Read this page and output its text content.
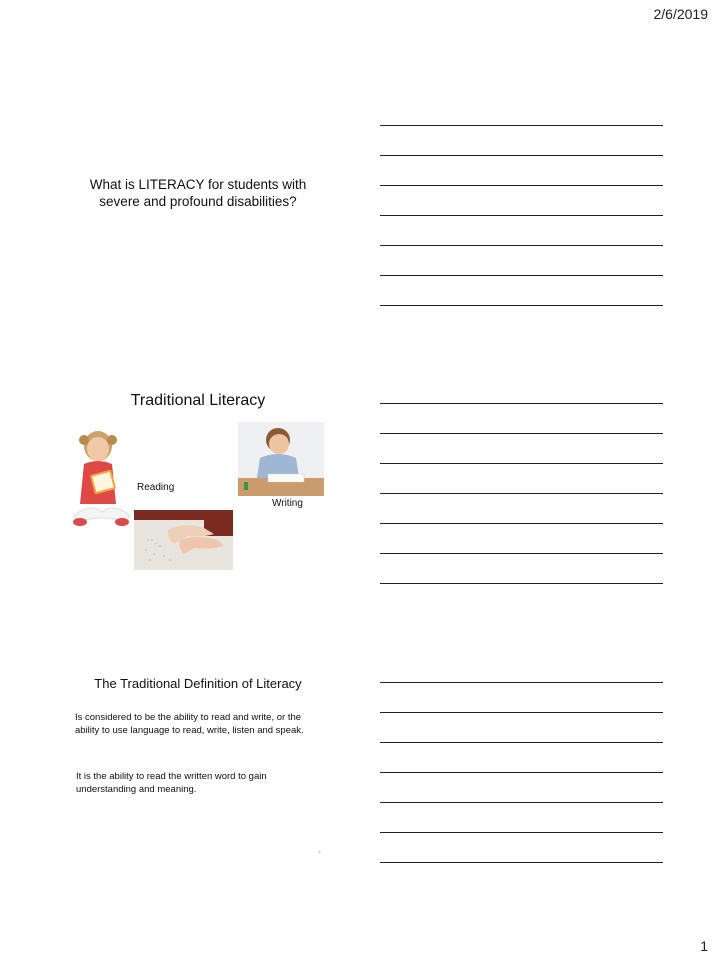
2/6/2019
What is LITERACY for students with severe and profound disabilities?
Traditional Literacy
Reading
Writing
The Traditional Definition of Literacy

Is considered to be the ability to read and write, or the ability to use language to read, write, listen and speak.

It is the ability to read the written word to gain understanding and meaning.

4
1
